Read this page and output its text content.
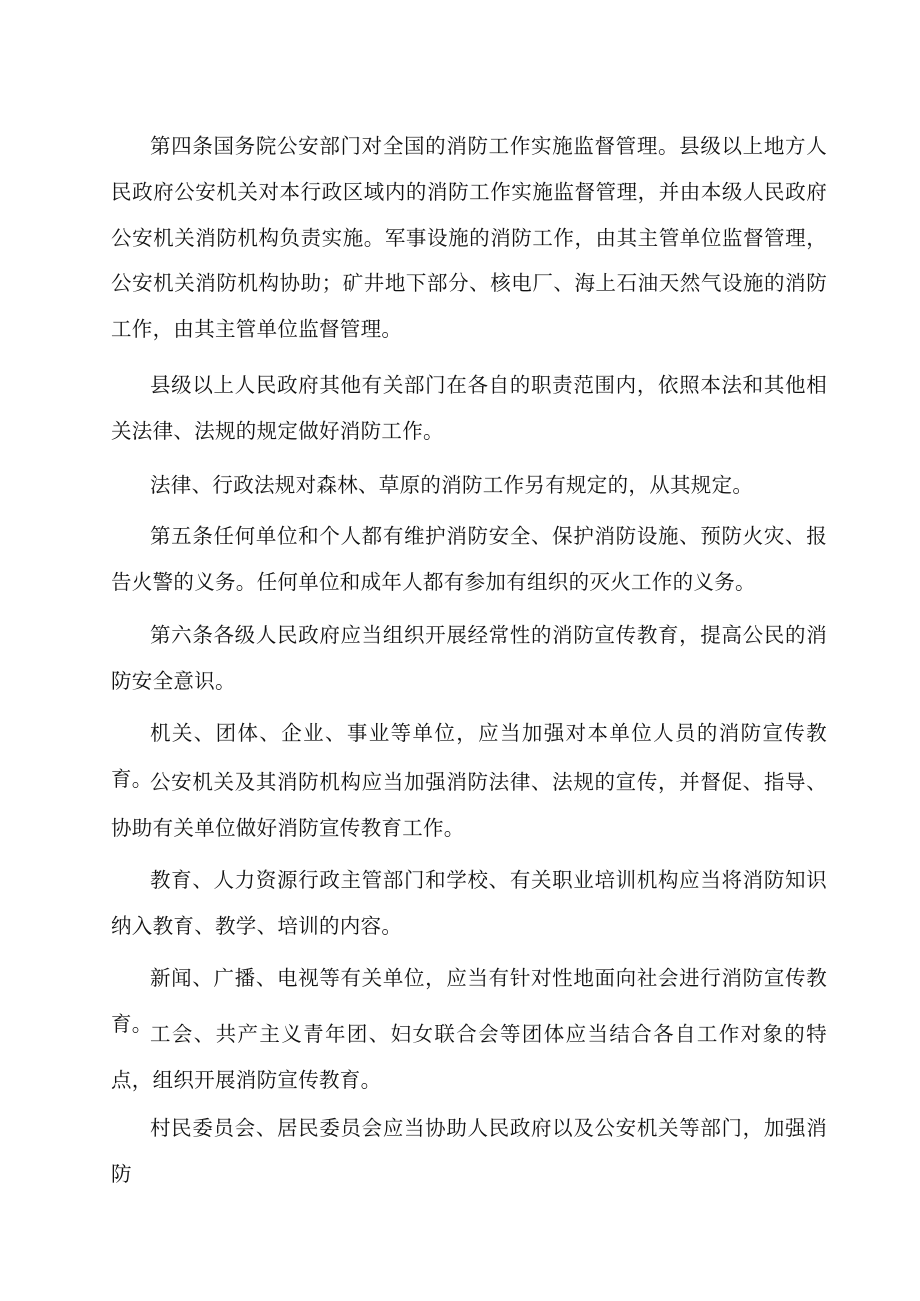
第四条国务院公安部门对全国的消防工作实施监督管理。县级以上地方人民政府公安机关对本行政区域内的消防工作实施监督管理，并由本级人民政府公安机关消防机构负责实施。军事设施的消防工作，由其主管单位监督管理，公安机关消防机构协助；矿井地下部分、核电厂、海上石油天然气设施的消防工作，由其主管单位监督管理。

县级以上人民政府其他有关部门在各自的职责范围内，依照本法和其他相关法律、法规的规定做好消防工作。

法律、行政法规对森林、草原的消防工作另有规定的，从其规定。

第五条任何单位和个人都有维护消防安全、保护消防设施、预防火灾、报告火警的义务。任何单位和成年人都有参加有组织的灭火工作的义务。

第六条各级人民政府应当组织开展经常性的消防宣传教育，提高公民的消防安全意识。

机关、团体、企业、事业等单位，应当加强对本单位人员的消防宣传教育。

公安机关及其消防机构应当加强消防法律、法规的宣传，并督促、指导、协助有关单位做好消防宣传教育工作。

教育、人力资源行政主管部门和学校、有关职业培训机构应当将消防知识纳入教育、教学、培训的内容。

新闻、广播、电视等有关单位，应当有针对性地面向社会进行消防宣传教育。

工会、共产主义青年团、妇女联合会等团体应当结合各自工作对象的特点，组织开展消防宣传教育。

村民委员会、居民委员会应当协助人民政府以及公安机关等部门，加强消防
